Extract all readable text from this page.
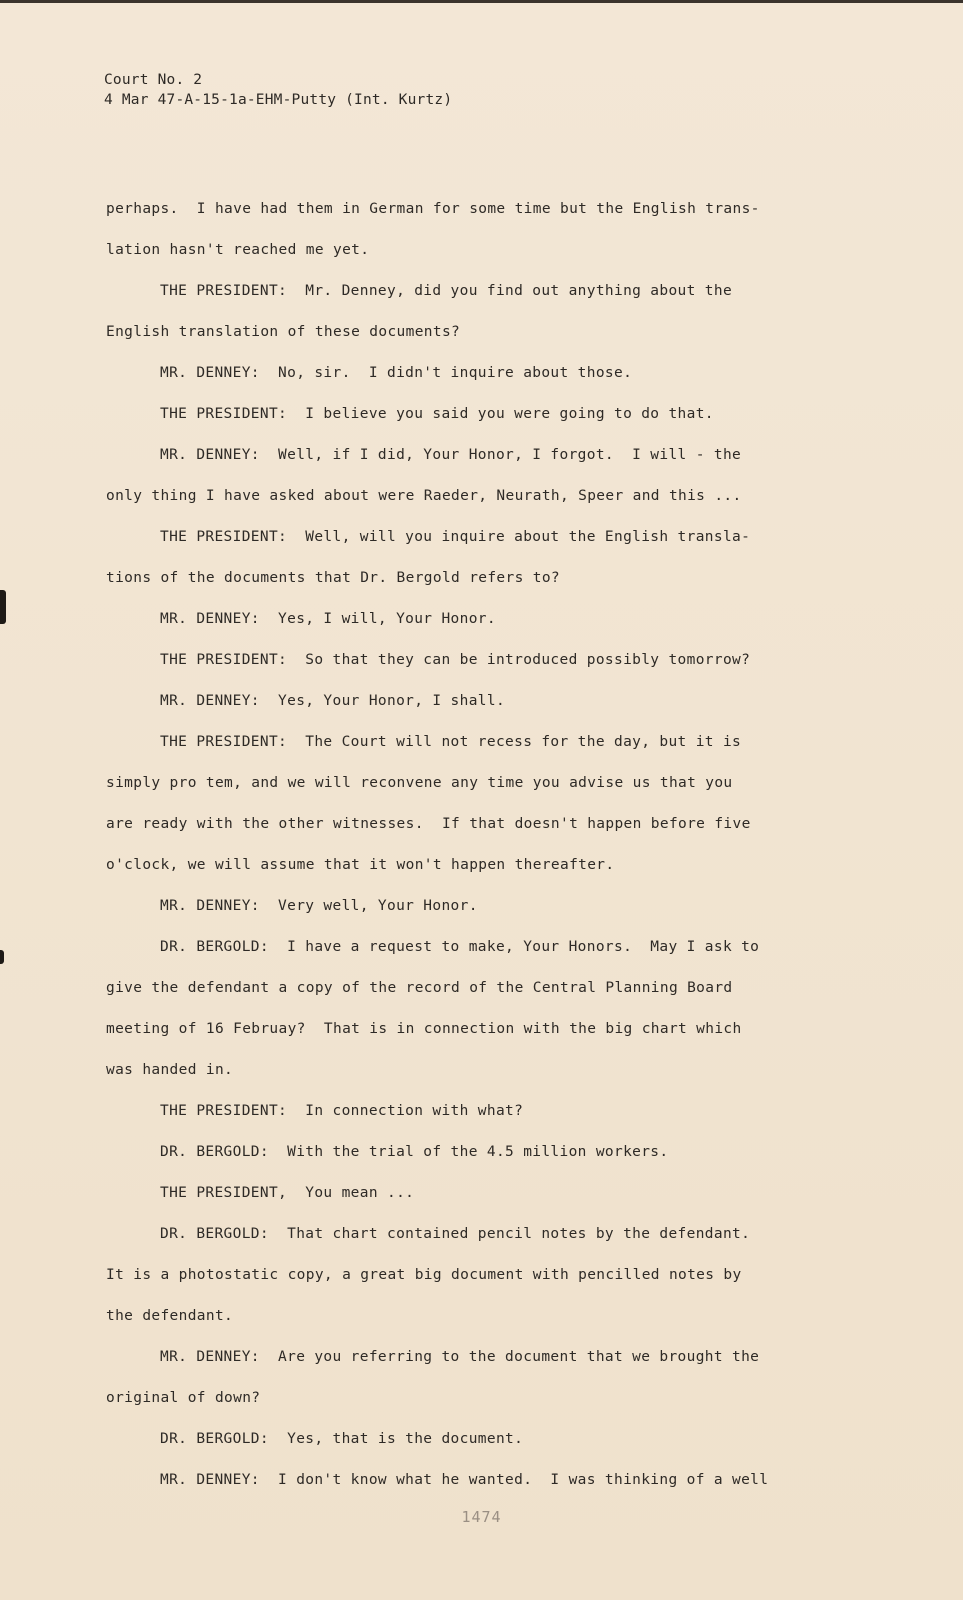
Court No. 2
4 Mar 47-A-15-1a-EHM-Putty (Int. Kurtz)
perhaps.  I have had them in German for some time but the English trans-
lation hasn't reached me yet.
THE PRESIDENT:  Mr. Denney, did you find out anything about the
English translation of these documents?
MR. DENNEY:  No, sir.  I didn't inquire about those.
THE PRESIDENT:  I believe you said you were going to do that.
MR. DENNEY:  Well, if I did, Your Honor, I forgot.  I will - the
only thing I have asked about were Raeder, Neurath, Speer and this ...
THE PRESIDENT:  Well, will you inquire about the English transla-
tions of the documents that Dr. Bergold refers to?
MR. DENNEY:  Yes, I will, Your Honor.
THE PRESIDENT:  So that they can be introduced possibly tomorrow?
MR. DENNEY:  Yes, Your Honor, I shall.
THE PRESIDENT:  The Court will not recess for the day, but it is
simply pro tem, and we will reconvene any time you advise us that you
are ready with the other witnesses.  If that doesn't happen before five
o'clock, we will assume that it won't happen thereafter.
MR. DENNEY:  Very well, Your Honor.
DR. BERGOLD:  I have a request to make, Your Honors.  May I ask to
give the defendant a copy of the record of the Central Planning Board
meeting of 16 Februay?  That is in connection with the big chart which
was handed in.
THE PRESIDENT:  In connection with what?
DR. BERGOLD:  With the trial of the 4.5 million workers.
THE PRESIDENT,  You mean ...
DR. BERGOLD:  That chart contained pencil notes by the defendant.
It is a photostatic copy, a great big document with pencilled notes by
the defendant.
MR. DENNEY:  Are you referring to the document that we brought the
original of down?
DR. BERGOLD:  Yes, that is the document.
MR. DENNEY:  I don't know what he wanted.  I was thinking of a well
1474
